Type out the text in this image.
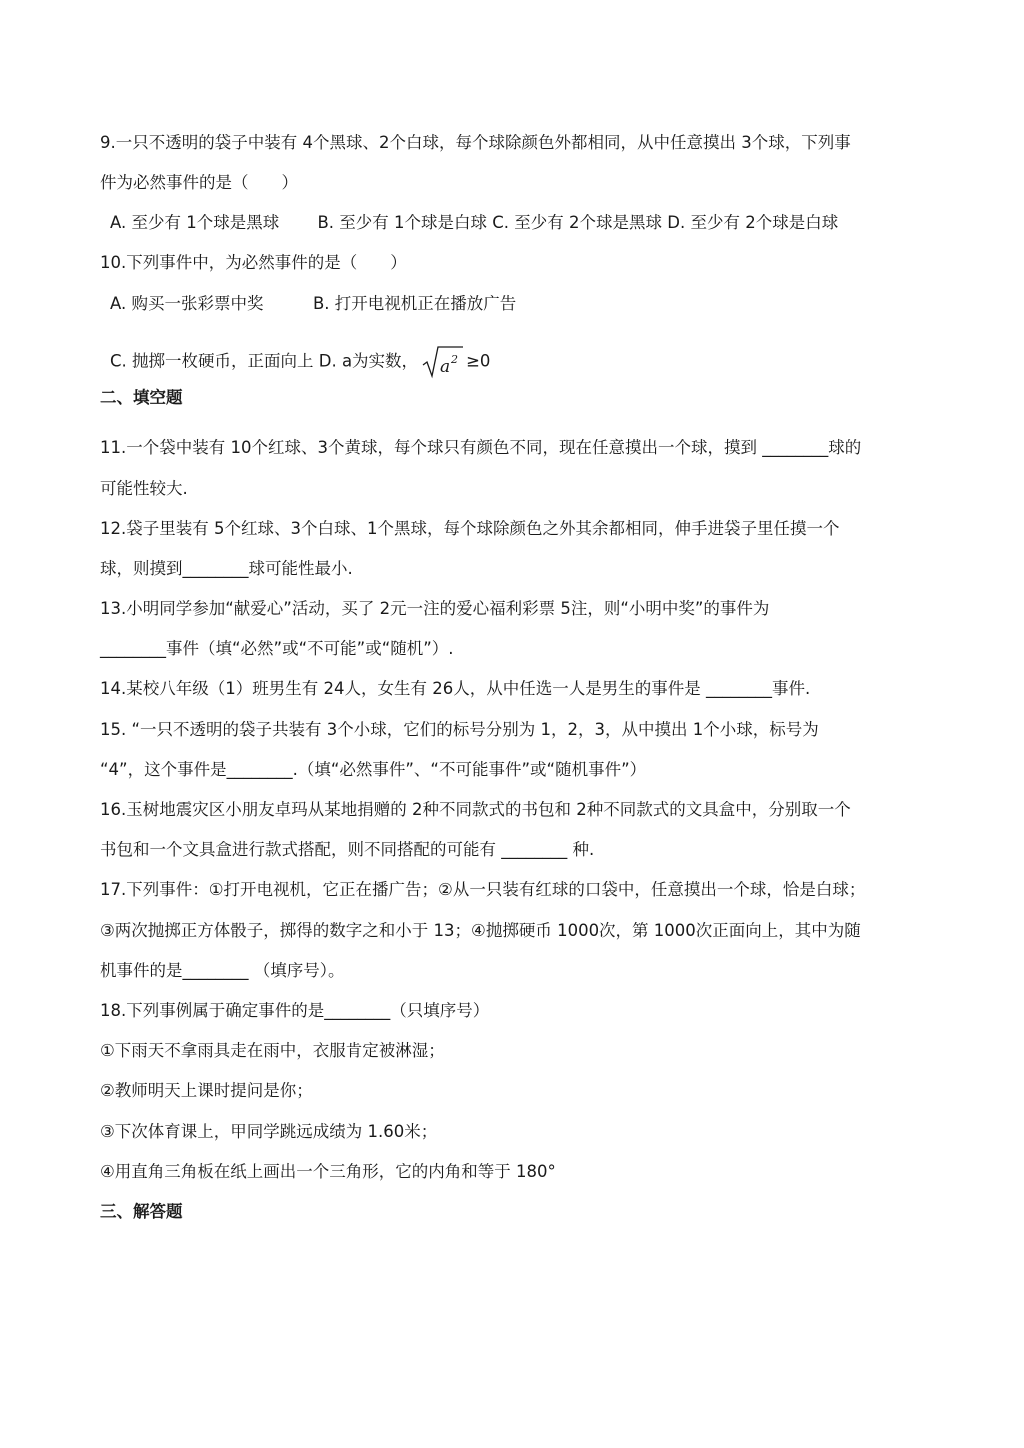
9.一只不透明的袋子中装有 4个黑球、2个白球，每个球除颜色外都相同，从中任意摸出 3个球，下列事
件为必然事件的是（　　）
A. 至少有 1个球是黑球　　 B. 至少有 1个球是白球 C. 至少有 2个球是黑球 D. 至少有 2个球是白球
10.下列事件中，为必然事件的是（　　）
A. 购买一张彩票中奖　　　B. 打开电视机正在播放广告
C. 抛掷一枚硬币，正面向上 D. a为实数， a 2 ≥0
二、填空题
11.一个袋中装有 10个红球、3个黄球，每个球只有颜色不同，现在任意摸出一个球，摸到 ________球的
可能性较大.
12.袋子里装有 5个红球、3个白球、1个黑球，每个球除颜色之外其余都相同，伸手进袋子里任摸一个
球，则摸到________球可能性最小.
13.小明同学参加“献爱心”活动，买了 2元一注的爱心福利彩票 5注，则“小明中奖”的事件为
________事件（填“必然”或“不可能”或“随机”）.
14.某校八年级（1）班男生有 24人，女生有 26人，从中任选一人是男生的事件是 ________事件.
15. “一只不透明的袋子共装有 3个小球，它们的标号分别为 1，2，3，从中摸出 1个小球，标号为
“4”，这个事件是________.（填“必然事件”、“不可能事件”或“随机事件”）
16.玉树地震灾区小朋友卓玛从某地捐赠的 2种不同款式的书包和 2种不同款式的文具盒中，分别取一个
书包和一个文具盒进行款式搭配，则不同搭配的可能有 ________ 种.
17.下列事件：①打开电视机，它正在播广告；②从一只装有红球的口袋中，任意摸出一个球，恰是白球；
③两次抛掷正方体骰子，掷得的数字之和小于 13；④抛掷硬币 1000次，第 1000次正面向上，其中为随
机事件的是________ （填序号）。
18.下列事例属于确定事件的是________（只填序号）
①下雨天不拿雨具走在雨中，衣服肯定被淋湿；
②教师明天上课时提问是你；
③下次体育课上，甲同学跳远成绩为 1.60米；
④用直角三角板在纸上画出一个三角形，它的内角和等于 180°
三、解答题
